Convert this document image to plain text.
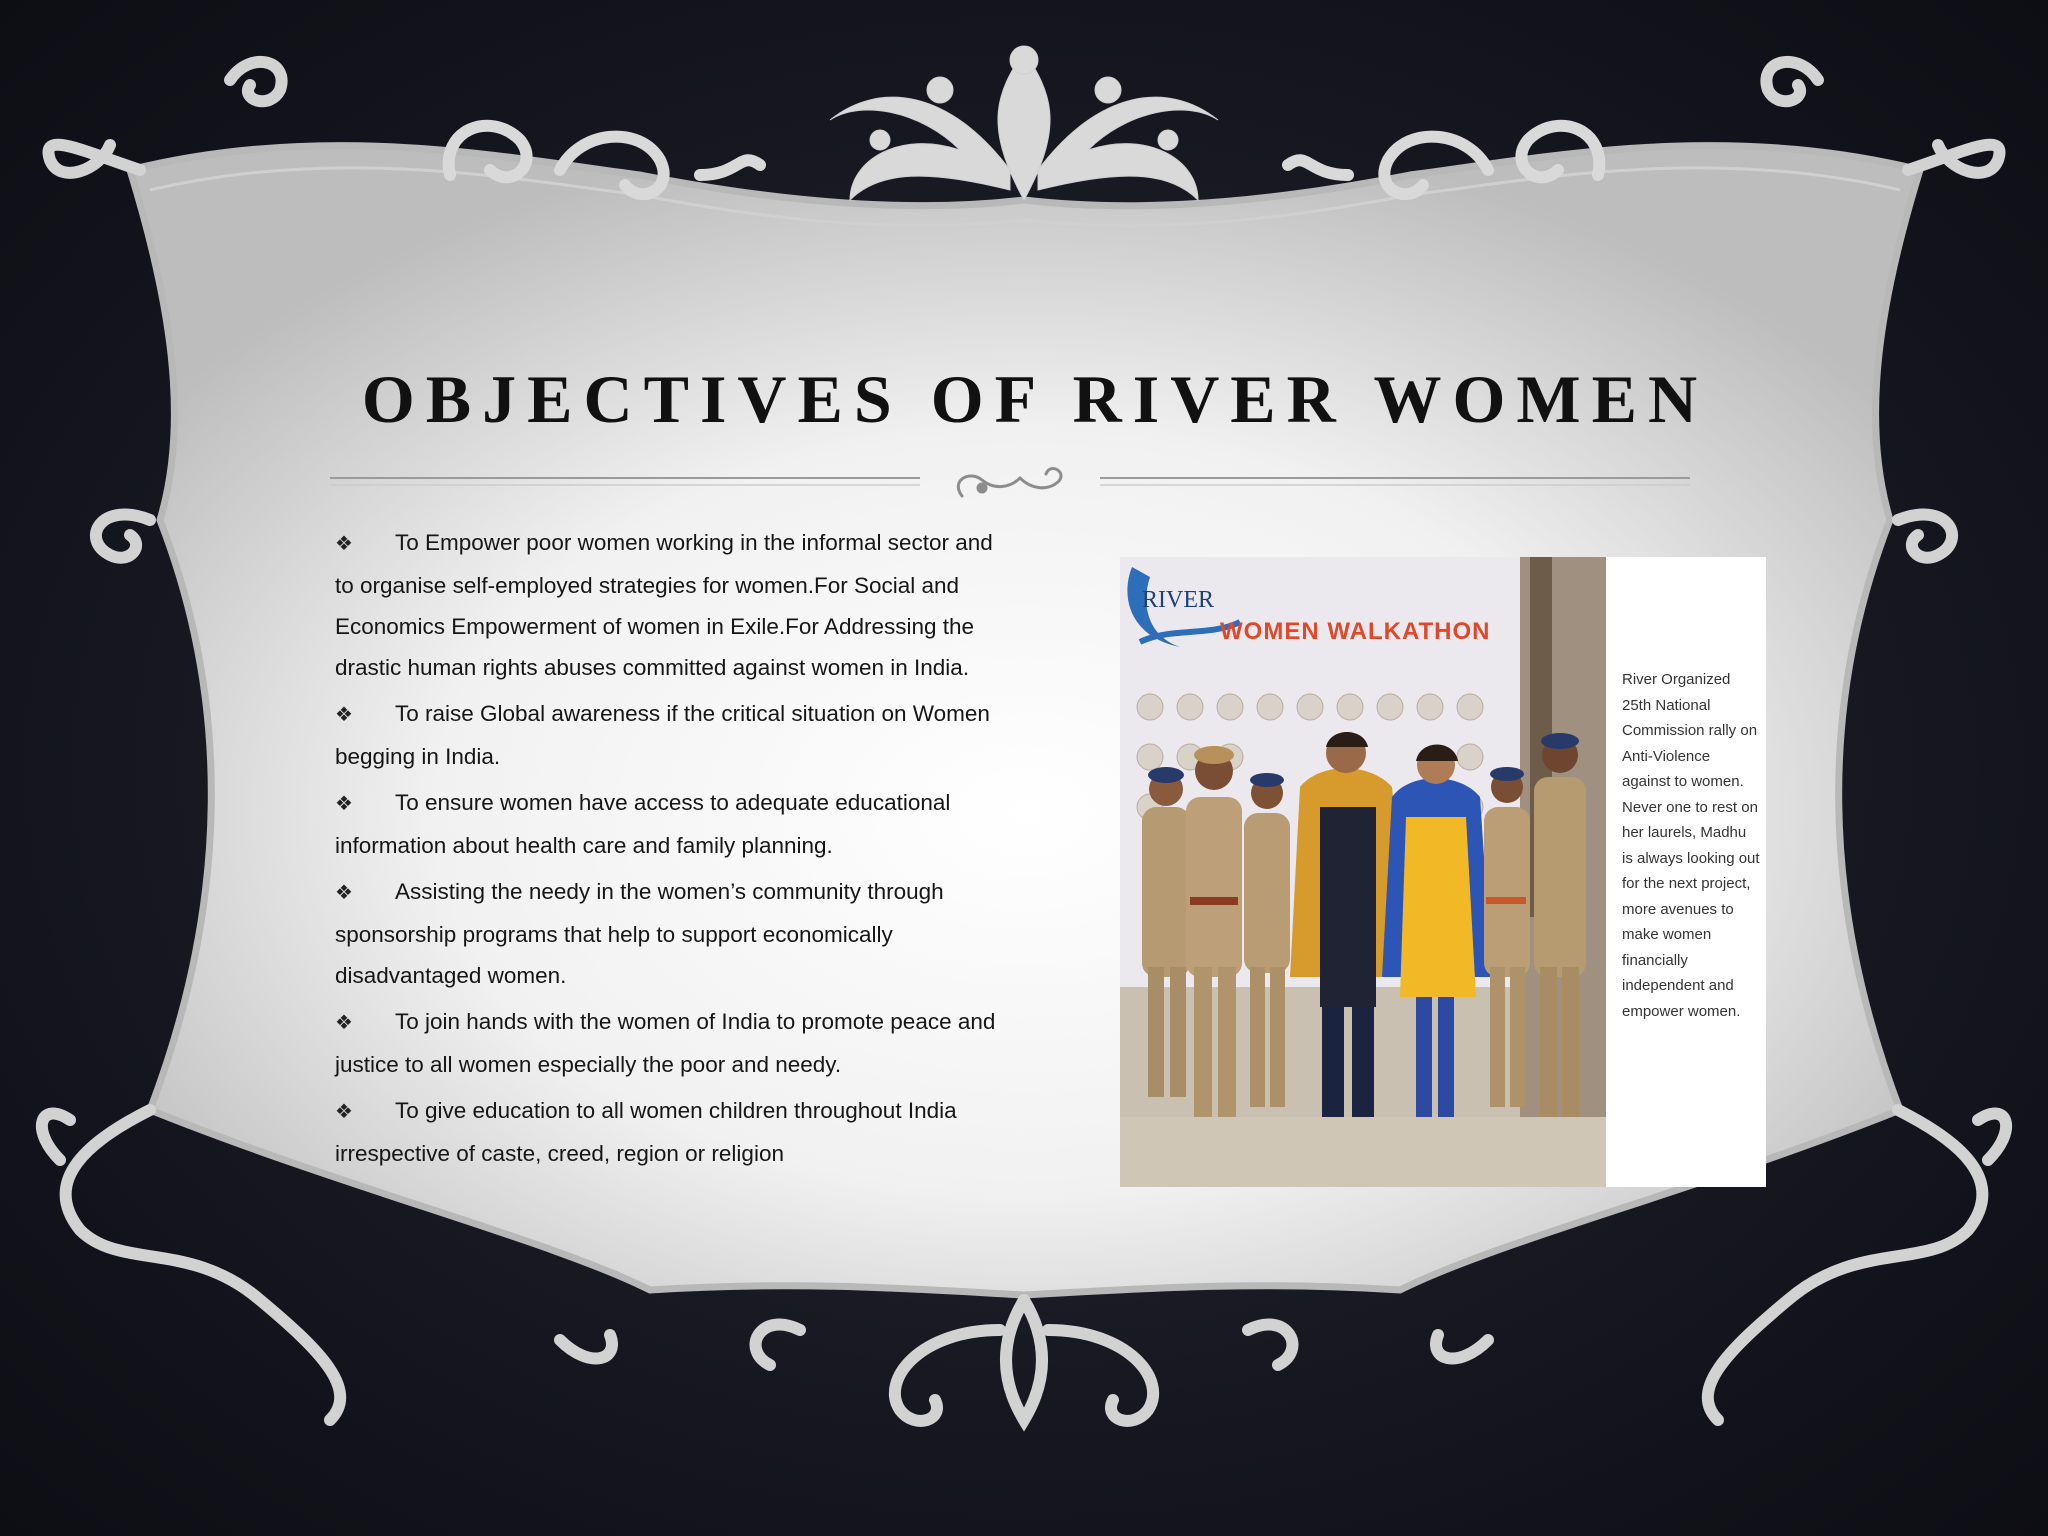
OBJECTIVES OF RIVER WOMEN
❖ To Empower poor women working in the informal sector and to organise self-employed strategies for women.For Social and Economics Empowerment of women in Exile.For Addressing the drastic human rights abuses committed against women in India.
❖ To raise Global awareness if the critical situation on Women begging in India.
❖ To ensure women have access to adequate educational information about health care and family planning.
❖ Assisting the needy in the women’s community through sponsorship programs that help to support economically disadvantaged women.
❖ To join hands with the women of India to promote peace and justice to all women especially the poor and needy.
❖ To give education to all women children throughout India irrespective of caste, creed, region or religion
RIVER
WOMEN WALKATHON

River Organized 25th National Commission rally on Anti-Violence against to women. Never one to rest on her laurels, Madhu is always looking out for the next project, more avenues to make women financially independent and empower women.
